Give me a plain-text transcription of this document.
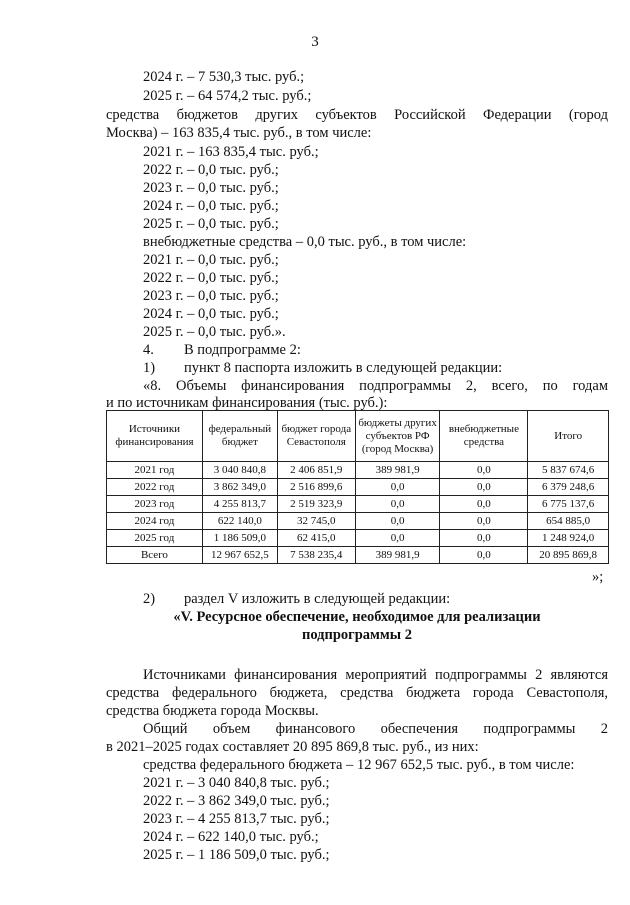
3
2024 г. – 7 530,3 тыс. руб.;
2025 г. – 64 574,2 тыс. руб.;
средства бюджетов других субъектов Российской Федерации (город
Москва) – 163 835,4 тыс. руб., в том числе:
2021 г. – 163 835,4 тыс. руб.;
2022 г. – 0,0 тыс. руб.;
2023 г. – 0,0 тыс. руб.;
2024 г. – 0,0 тыс. руб.;
2025 г. – 0,0 тыс. руб.;
внебюджетные средства – 0,0 тыс. руб., в том числе:
2021 г. – 0,0 тыс. руб.;
2022 г. – 0,0 тыс. руб.;
2023 г. – 0,0 тыс. руб.;
2024 г. – 0,0 тыс. руб.;
2025 г. – 0,0 тыс. руб.».
4. В подпрограмме 2:
1) пункт 8 паспорта изложить в следующей редакции:
«8. Объемы финансирования подпрограммы 2, всего, по годам
и по источникам финансирования (тыс. руб.):
Источники финансирования	федеральный бюджет	бюджет города Севастополя	бюджеты других субъектов РФ (город Москва)	внебюджетные средства	Итого
2021 год	3 040 840,8	2 406 851,9	389 981,9	0,0	5 837 674,6
2022 год	3 862 349,0	2 516 899,6	0,0	0,0	6 379 248,6
2023 год	4 255 813,7	2 519 323,9	0,0	0,0	6 775 137,6
2024 год	622 140,0	32 745,0	0,0	0,0	654 885,0
2025 год	1 186 509,0	62 415,0	0,0	0,0	1 248 924,0
Всего	12 967 652,5	7 538 235,4	389 981,9	0,0	20 895 869,8
»;
2) раздел V изложить в следующей редакции:
«V. Ресурсное обеспечение, необходимое для реализации
подпрограммы 2
Источниками финансирования мероприятий подпрограммы 2 являются
средства федерального бюджета, средства бюджета города Севастополя,
средства бюджета города Москвы.
Общий объем финансового обеспечения подпрограммы 2
в 2021–2025 годах составляет 20 895 869,8 тыс. руб., из них:
средства федерального бюджета – 12 967 652,5 тыс. руб., в том числе:
2021 г. – 3 040 840,8 тыс. руб.;
2022 г. – 3 862 349,0 тыс. руб.;
2023 г. – 4 255 813,7 тыс. руб.;
2024 г. – 622 140,0 тыс. руб.;
2025 г. – 1 186 509,0 тыс. руб.;
